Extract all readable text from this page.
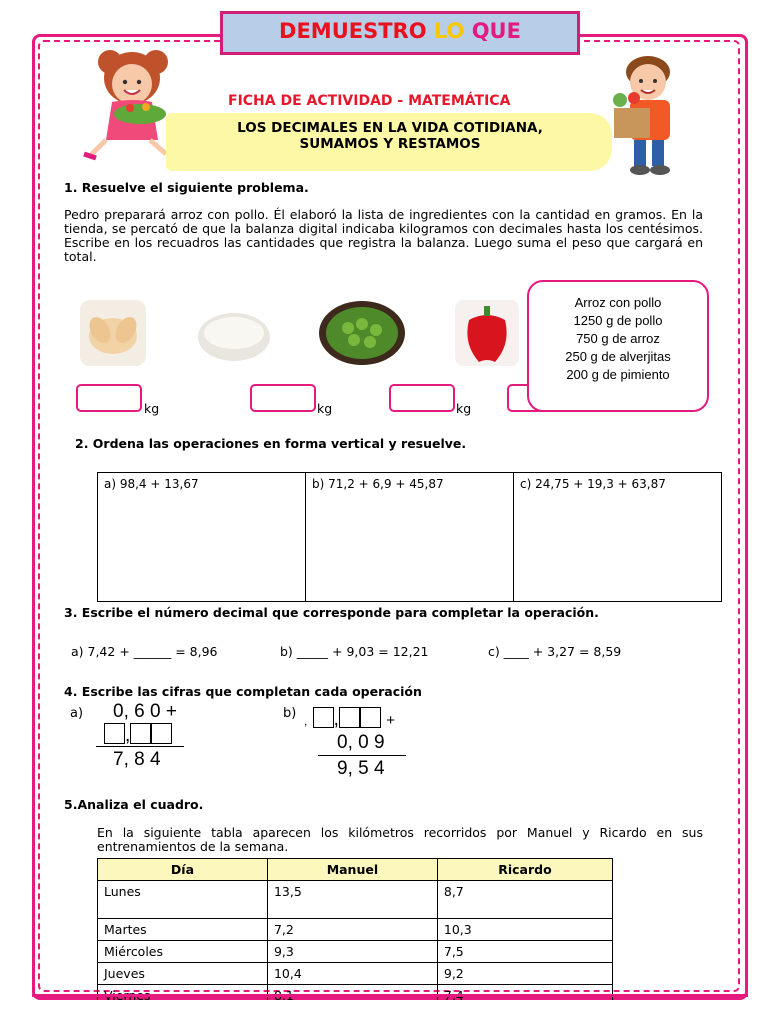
DEMUESTRO LO QUE
FICHA DE ACTIVIDAD - MATEMÁTICA
LOS DECIMALES EN LA VIDA COTIDIANA,
SUMAMOS Y RESTAMOS
1. Resuelve el siguiente problema.
Pedro preparará arroz con pollo. Él elaboró la lista de ingredientes con la cantidad en gramos. En la tienda, se percató de que la balanza digital indicaba kilogramos con decimales hasta los centésimos. Escribe en los recuadros las cantidades que registra la balanza. Luego suma el peso que cargará en total.
kg	kg	kg
Arroz con pollo
1250 g de pollo
750 g de arroz
250 g de alverjitas
200 g de pimiento
2. Ordena las operaciones en forma vertical y resuelve.
a) 98,4 + 13,67	b) 71,2 + 6,9 + 45,87	c) 24,75 + 19,3 + 63,87
3. Escribe el número decimal que corresponde para completar la operación.
a) 7,42 + ______ = 8,96	b) _____ + 9,03 = 12,21	c) ____ + 3,27 = 8,59
4. Escribe las cifras que completan cada operación
a) 0, 6 0 +
,
7, 8 4
b) , ,	+
0, 0 9
9, 5 4
5.Analiza el cuadro.
En la siguiente tabla aparecen los kilómetros recorridos por Manuel y Ricardo en sus entrenamientos de la semana.
Día	Manuel	Ricardo
Lunes	13,5	8,7
Martes	7,2	10,3
Miércoles	9,3	7,5
Jueves	10,4	9,2
